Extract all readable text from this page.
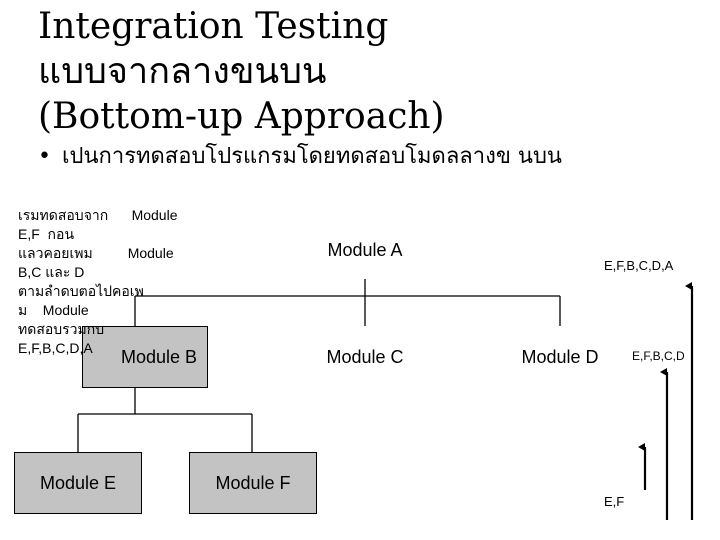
Integration Testing
แบบจากลางขนบน
(Bottom-up Approach)
• เปนการทดสอบโปรแกรมโดยทดสอบโมดลลางข นบน
เรมทดสอบจาก      Module
E,F  กอน
แลวคอยเพม         Module
B,C และ D
ตามลำดบตอไปคอเพ
ม    Module
ทดสอบรวมกบ
E,F,B,C,D,A
Module A
Module B	Module C	Module D
Module E	Module F
E,F
E,F,B,C,D
E,F,B,C,D,A
